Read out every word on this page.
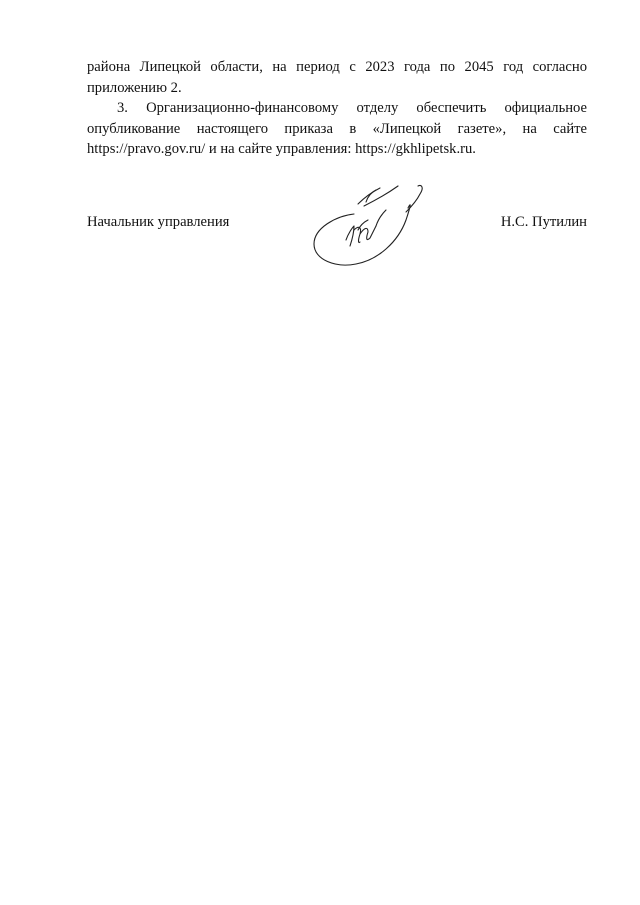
района Липецкой области, на период с 2023 года по 2045 год согласно приложению 2.

3. Организационно-финансовому отделу обеспечить официальное опубликование настоящего приказа в «Липецкой газете», на сайте https://pravo.gov.ru/ и на сайте управления: https://gkhlipetsk.ru.

Начальник управления	Н.С. Путилин
